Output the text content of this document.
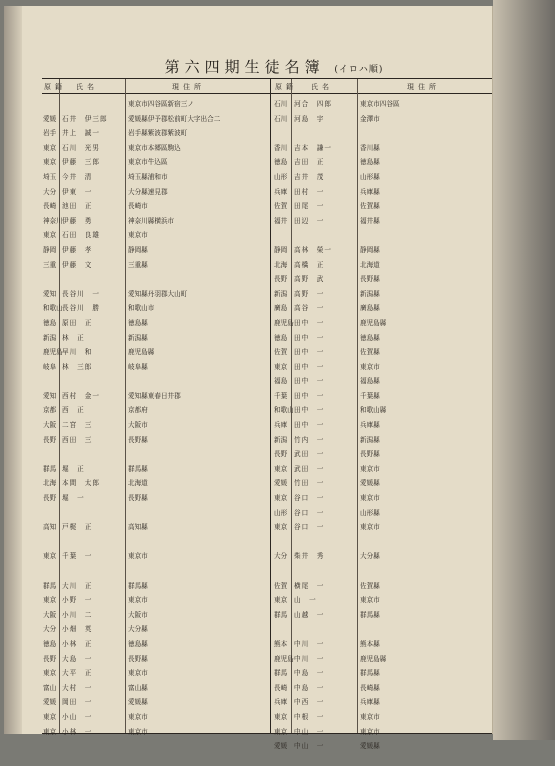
第六四期生徒名簿 (イロハ順)
原籍 氏名	現住所
東京市四谷區新宿三ノ
愛媛 石井　伊三郎	愛媛縣伊予郡松前町大字出合二
岩手 井上　誠一	岩手縣紫波郡紫波町
東京 石川　光男	東京市本郷區駒込
東京 伊藤　三郎	東京市牛込區
埼玉 今井　清	埼玉縣浦和市
大分 伊東　一	大分縣速見郡
長崎 池田　正	長崎市
神奈川 伊藤　勇	神奈川縣横浜市
東京 石田　良雄	東京市
静岡 伊藤　孝	静岡縣
三重 伊藤　文	三重縣
愛知 長谷川　一	愛知縣丹羽郡大山町
和歌山 長谷川　勝	和歌山市
徳島 原田　正	徳島縣
新潟 林　正	新潟縣
鹿児島 早川　和	鹿児島縣
岐阜 林　三郎	岐阜縣
愛知 西村　金一	愛知縣東春日井郡
京都 西　正	京都府
大阪 二宮　三	大阪市
長野 西田　三	長野縣
群馬 堀　正	群馬縣
北海 本間　太郎	北海道
長野 堀　一	長野縣
高知 戸梶　正	高知縣
東京 千葉　一	東京市
群馬 大川　正	群馬縣
東京 小野　一	東京市
大阪 小川　二	大阪市
大分 小畑　英	大分縣
徳島 小林　正	徳島縣
長野 大島　一	長野縣
東京 大平　正	東京市
富山 大村　一	富山縣
愛媛 岡田　一	愛媛縣
東京 小山　一	東京市
東京 小林　一	東京市
原籍 氏名	現住所
石川	河合　四郎	東京市四谷區
石川	河島　宇	金澤市
香川	吉本　謙一	香川縣
徳島	吉田　正	徳島縣
山形	吉井　茂	山形縣
兵庫	田村　一	兵庫縣
佐賀	田尾　一	佐賀縣
福井	田辺　一	福井縣
静岡	高林　榮一	静岡縣
北海	高橋　正	北海道
長野	高野　武	長野縣
新潟	高野　一	新潟縣
廣島	高谷　一	廣島縣
鹿児島 田中　一	鹿児島縣
徳島	田中　一	徳島縣
佐賀	田中　一	佐賀縣
東京	田中　一	東京市
福島	田中　一	福島縣
千葉	田中　一	千葉縣
和歌山 田中　一	和歌山縣
兵庫	田中　一	兵庫縣
新潟	竹内　一	新潟縣
長野	武田　一	長野縣
東京	武田　一	東京市
愛媛	竹田　一	愛媛縣
東京	谷口　一	東京市
山形	谷口　一	山形縣
東京	谷口　一	東京市
大分	柴井　秀	大分縣
佐賀	横尾　一	佐賀縣
東京	山　一	東京市
群馬	山越　一	群馬縣
熊本	中川　一	熊本縣
鹿児島 中川　一	鹿児島縣
群馬	中島　一	群馬縣
長崎	中島　一	長崎縣
兵庫	中西　一	兵庫縣
東京	中根　一	東京市
東京	中山　一	東京市
愛媛	中山　一	愛媛縣
